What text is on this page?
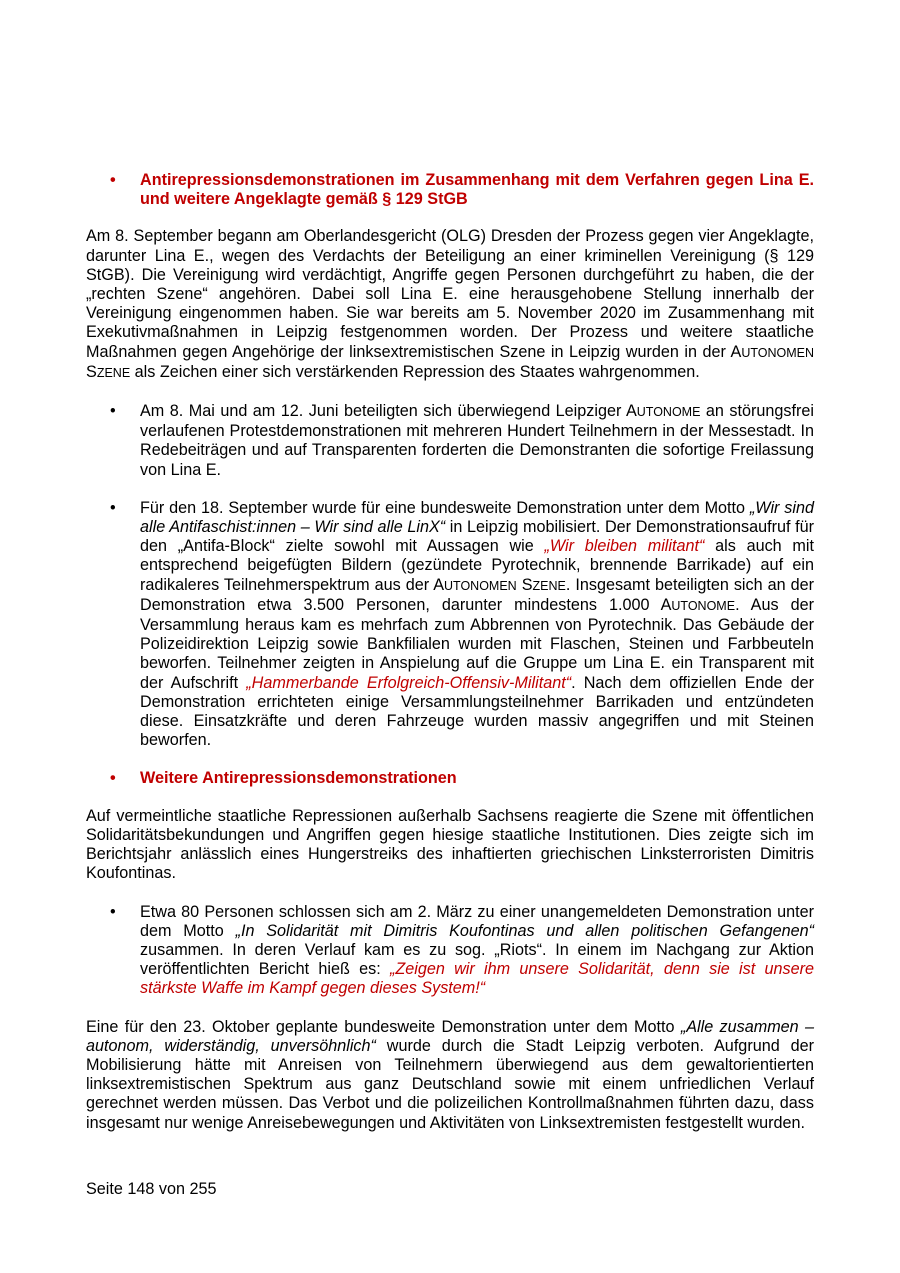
•	Antirepressionsdemonstrationen im Zusammenhang mit dem Verfahren gegen Lina E. und weitere Angeklagte gemäß § 129 StGB

Am 8. September begann am Oberlandesgericht (OLG) Dresden der Prozess gegen vier Angeklagte, darunter Lina E., wegen des Verdachts der Beteiligung an einer kriminellen Vereinigung (§ 129 StGB). Die Vereinigung wird verdächtigt, Angriffe gegen Personen durchgeführt zu haben, die der „rechten Szene“ angehören. Dabei soll Lina E. eine herausgehobene Stellung innerhalb der Vereinigung eingenommen haben. Sie war bereits am 5. November 2020 im Zusammenhang mit Exekutivmaßnahmen in Leipzig festgenommen worden. Der Prozess und weitere staatliche Maßnahmen gegen Angehörige der linksextremistischen Szene in Leipzig wurden in der AUTONOMEN SZENE als Zeichen einer sich verstärkenden Repression des Staates wahrgenommen.

•	Am 8. Mai und am 12. Juni beteiligten sich überwiegend Leipziger AUTONOME an störungsfrei verlaufenen Protestdemonstrationen mit mehreren Hundert Teilnehmern in der Messestadt. In Redebeiträgen und auf Transparenten forderten die Demonstranten die sofortige Freilassung von Lina E.
•	Für den 18. September wurde für eine bundesweite Demonstration unter dem Motto „Wir sind alle Antifaschist:innen – Wir sind alle LinX“ in Leipzig mobilisiert. Der Demonstrationsaufruf für den „Antifa-Block“ zielte sowohl mit Aussagen wie „Wir bleiben militant“ als auch mit entsprechend beigefügten Bildern (gezündete Pyrotechnik, brennende Barrikade) auf ein radikaleres Teilnehmerspektrum aus der AUTONOMEN SZENE. Insgesamt beteiligten sich an der Demonstration etwa 3.500 Personen, darunter mindestens 1.000 AUTONOME. Aus der Versammlung heraus kam es mehrfach zum Abbrennen von Pyrotechnik. Das Gebäude der Polizeidirektion Leipzig sowie Bankfilialen wurden mit Flaschen, Steinen und Farbbeuteln beworfen. Teilnehmer zeigten in Anspielung auf die Gruppe um Lina E. ein Transparent mit der Aufschrift „Hammerbande Erfolgreich-Offensiv-Militant“. Nach dem offiziellen Ende der Demonstration errichteten einige Versammlungsteilnehmer Barrikaden und entzündeten diese. Einsatzkräfte und deren Fahrzeuge wurden massiv angegriffen und mit Steinen beworfen.
•	Weitere Antirepressionsdemonstrationen

Auf vermeintliche staatliche Repressionen außerhalb Sachsens reagierte die Szene mit öffentlichen Solidaritätsbekundungen und Angriffen gegen hiesige staatliche Institutionen. Dies zeigte sich im Berichtsjahr anlässlich eines Hungerstreiks des inhaftierten griechischen Linksterroristen Dimitris Koufontinas.

•	Etwa 80 Personen schlossen sich am 2. März zu einer unangemeldeten Demonstration unter dem Motto „In Solidarität mit Dimitris Koufontinas und allen politischen Gefangenen“ zusammen. In deren Verlauf kam es zu sog. „Riots“. In einem im Nachgang zur Aktion veröffentlichten Bericht hieß es: „Zeigen wir ihm unsere Solidarität, denn sie ist unsere stärkste Waffe im Kampf gegen dieses System!“

Eine für den 23. Oktober geplante bundesweite Demonstration unter dem Motto „Alle zusammen – autonom, widerständig, unversöhnlich“ wurde durch die Stadt Leipzig verboten. Aufgrund der Mobilisierung hätte mit Anreisen von Teilnehmern überwiegend aus dem gewaltorientierten linksextremistischen Spektrum aus ganz Deutschland sowie mit einem unfriedlichen Verlauf gerechnet werden müssen. Das Verbot und die polizeilichen Kontrollmaßnahmen führten dazu, dass insgesamt nur wenige Anreisebewegungen und Aktivitäten von Linksextremisten festgestellt wurden.

Seite 148 von 255
